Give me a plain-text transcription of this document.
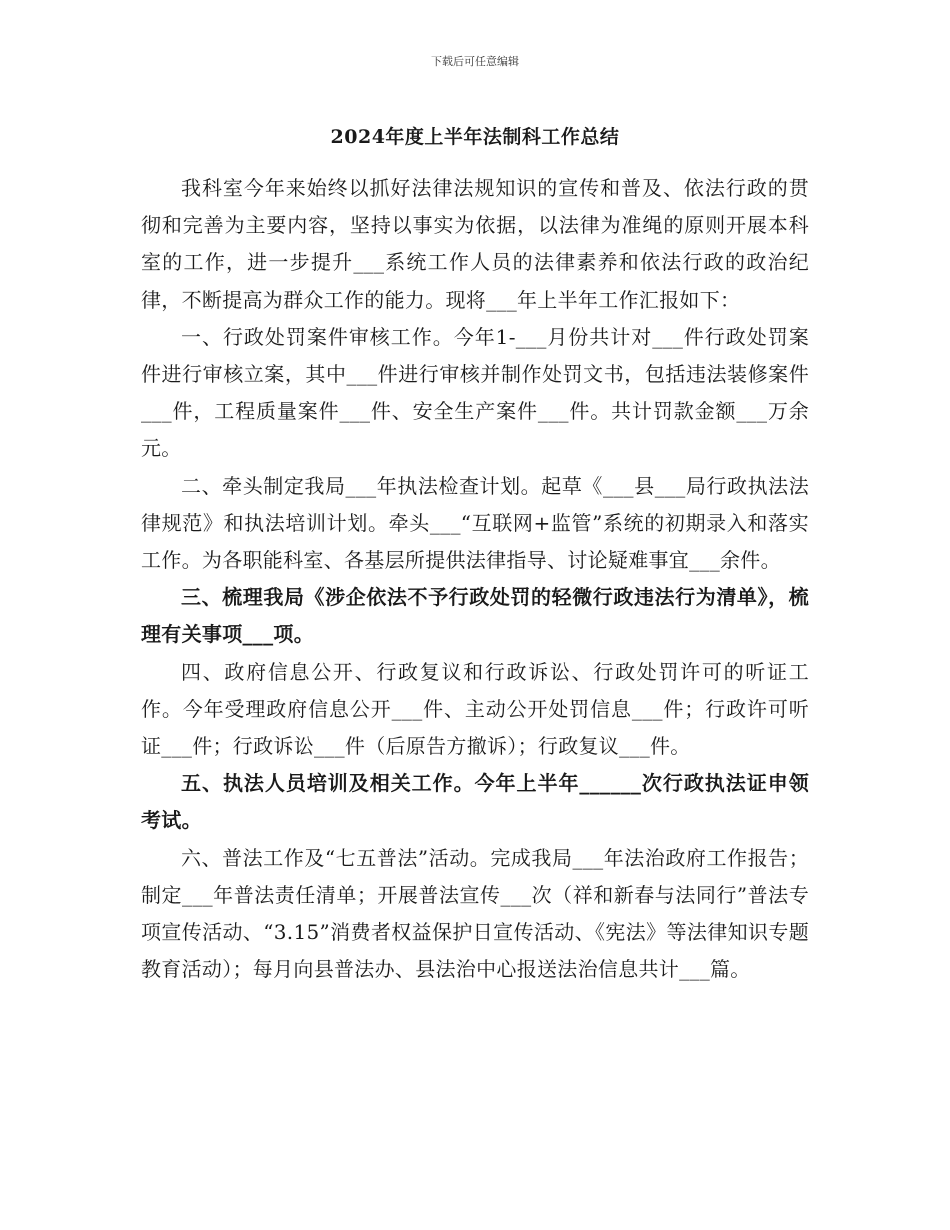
下载后可任意编辑
2024年度上半年法制科工作总结

我科室今年来始终以抓好法律法规知识的宣传和普及、依法行政的贯彻和完善为主要内容，坚持以事实为依据，以法律为准绳的原则开展本科室的工作，进一步提升___系统工作人员的法律素养和依法行政的政治纪律，不断提高为群众工作的能力。现将___年上半年工作汇报如下：

一、行政处罚案件审核工作。今年1-___月份共计对___件行政处罚案件进行审核立案，其中___件进行审核并制作处罚文书，包括违法装修案件___件，工程质量案件___件、安全生产案件___件。共计罚款金额___万余元。

二、牵头制定我局___年执法检查计划。起草《___县___局行政执法法律规范》和执法培训计划。牵头___“互联网+监管”系统的初期录入和落实工作。为各职能科室、各基层所提供法律指导、讨论疑难事宜___余件。

三、梳理我局《涉企依法不予行政处罚的轻微行政违法行为清单》，梳理有关事项___项。

四、政府信息公开、行政复议和行政诉讼、行政处罚许可的听证工作。今年受理政府信息公开___件、主动公开处罚信息___件；行政许可听证___件；行政诉讼___件（后原告方撤诉）；行政复议___件。

五、执法人员培训及相关工作。今年上半年______次行政执法证申领考试。

六、普法工作及“七五普法”活动。完成我局___年法治政府工作报告；制定___年普法责任清单；开展普法宣传___次（祥和新春与法同行”普法专项宣传活动、“3.15”消费者权益保护日宣传活动、《宪法》等法律知识专题教育活动）；每月向县普法办、县法治中心报送法治信息共计___篇。
